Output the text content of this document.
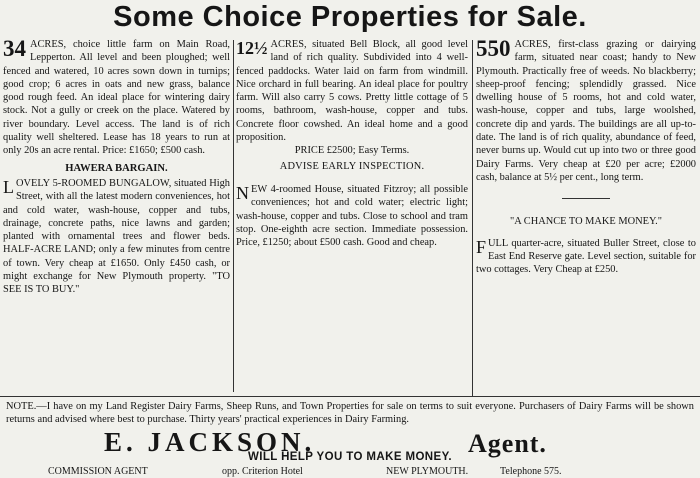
Some Choice Properties for Sale.
34 ACRES, choice little farm on Main Road, Lepperton. All level and been ploughed; well fenced and watered, 10 acres sown down in turnips; good crop; 6 acres in oats and new grass, balance good rough feed. An ideal place for wintering dairy stock. Not a gully or creek on the place. Watered by river boundary. Level access. The land is of rich quality well sheltered. Lease has 18 years to run at only 20s an acre rental. Price: £1650; £500 cash.
HAWERA BARGAIN.
LOVELY 5-ROOMED BUNGALOW, situated High Street, with all the latest modern conveniences, hot and cold water, wash-house, copper and tubs, drainage, concrete paths, nice lawns and garden; planted with ornamental trees and flower beds. HALF-ACRE LAND; only a few minutes from centre of town. Very cheap at £1650. Only £450 cash, or might exchange for New Plymouth property. "TO SEE IS TO BUY."
12½ ACRES, situated Bell Block, all good level land of rich quality. Subdivided into 4 well-fenced paddocks. Water laid on farm from windmill. Nice orchard in full bearing. An ideal place for poultry farm. Will also carry 5 cows. Pretty little cottage of 5 rooms, bathroom, wash-house, copper and tubs. Concrete floor cowshed. An ideal home and a good proposition.
PRICE £2500; Easy Terms.
ADVISE EARLY INSPECTION.
NEW 4-roomed House, situated Fitzroy; all possible conveniences; hot and cold water; electric light; wash-house, copper and tubs. Close to school and tram stop. One-eighth acre section. Immediate possession. Price, £1250; about £500 cash. Good and cheap.
550 ACRES, first-class grazing or dairying farm, situated near coast; handy to New Plymouth. Practically free of weeds. No blackberry; sheep-proof fencing; splendidly grassed. Nice dwelling house of 5 rooms, hot and cold water, wash-house, copper and tubs, large woolshed, concrete dip and yards. The buildings are all up-to-date. The land is of rich quality, abundance of feed, never burns up. Would cut up into two or three good Dairy Farms. Very cheap at £20 per acre; £2000 cash, balance at 5½ per cent., long term.
"A CHANCE TO MAKE MONEY."
FULL quarter-acre, situated Buller Street, close to East End Reserve gate. Level section, suitable for two cottages. Very Cheap at £250.
NOTE.—I have on my Land Register Dairy Farms, Sheep Runs, and Town Properties for sale on terms to suit everyone. Purchasers of Dairy Farms will be shown returns and advised where best to purchase. Thirty years' practical experiences in Dairy Farming.
E. JACKSON.	Agent.
WILL HELP YOU TO MAKE MONEY.
COMMISSION AGENT	opp. Criterion Hotel	NEW PLYMOUTH.	Telephone 575.
